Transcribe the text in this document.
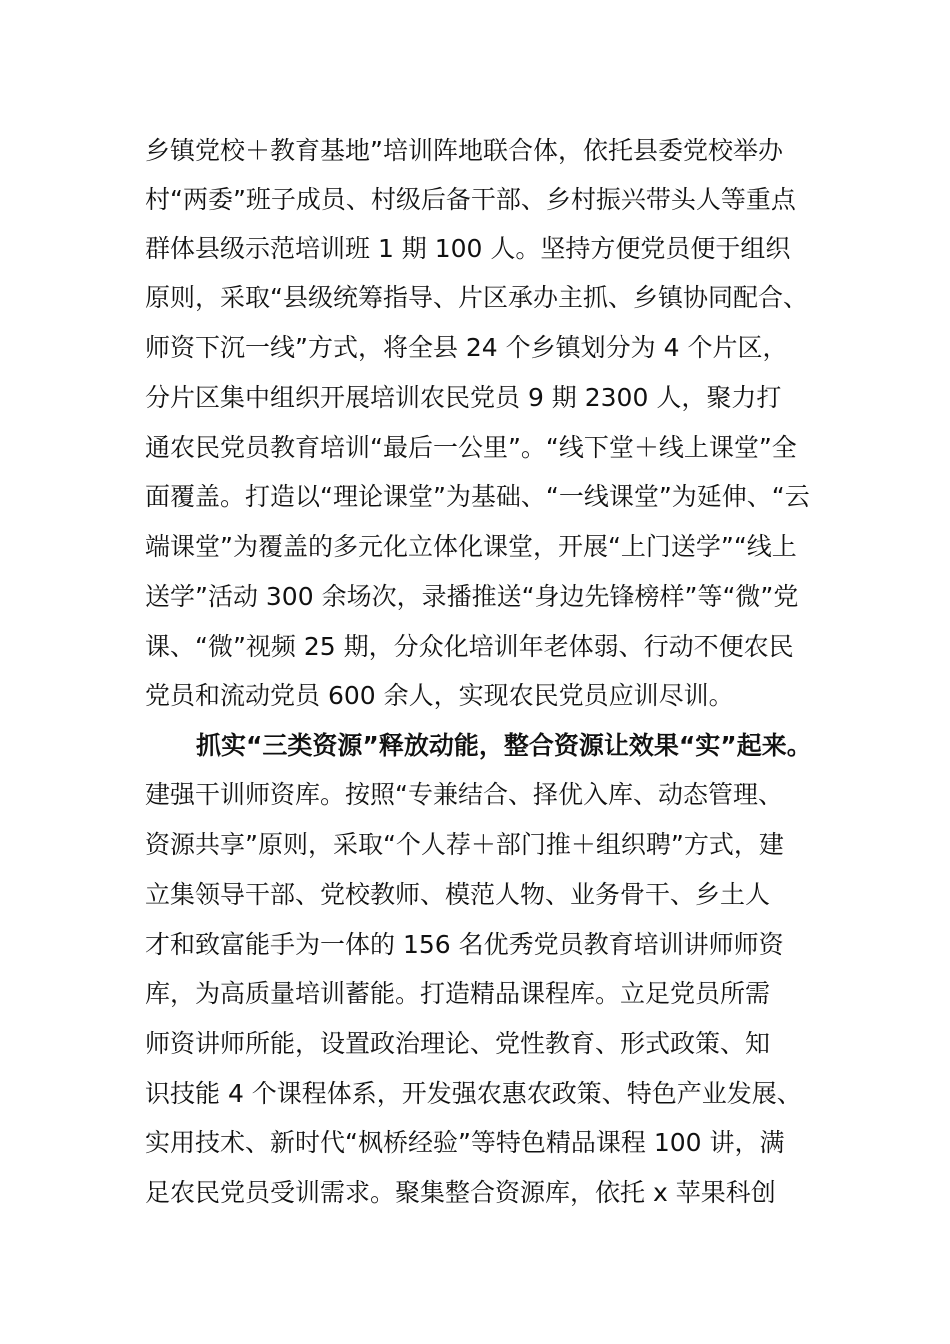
乡镇党校＋教育基地”培训阵地联合体，依托县委党校举办
村“两委”班子成员、村级后备干部、乡村振兴带头人等重点
群体县级示范培训班 1 期 100 人。坚持方便党员便于组织
原则，采取“县级统筹指导、片区承办主抓、乡镇协同配合、
师资下沉一线”方式，将全县 24 个乡镇划分为 4 个片区，
分片区集中组织开展培训农民党员 9 期 2300 人，聚力打
通农民党员教育培训“最后一公里”。“线下堂＋线上课堂”全
面覆盖。打造以“理论课堂”为基础、“一线课堂”为延伸、“云
端课堂”为覆盖的多元化立体化课堂，开展“上门送学”“线上
送学”活动 300 余场次，录播推送“身边先锋榜样”等“微”党
课、“微”视频 25 期，分众化培训年老体弱、行动不便农民
党员和流动党员 600 余人，实现农民党员应训尽训。
抓实“三类资源”释放动能，整合资源让效果“实”起来。
建强干训师资库。按照“专兼结合、择优入库、动态管理、
资源共享”原则，采取“个人荐＋部门推＋组织聘”方式，建
立集领导干部、党校教师、模范人物、业务骨干、乡土人
才和致富能手为一体的 156 名优秀党员教育培训讲师师资
库，为高质量培训蓄能。打造精品课程库。立足党员所需
师资讲师所能，设置政治理论、党性教育、形式政策、知
识技能 4 个课程体系，开发强农惠农政策、特色产业发展、
实用技术、新时代“枫桥经验”等特色精品课程 100 讲，满
足农民党员受训需求。聚集整合资源库，依托 x 苹果科创
